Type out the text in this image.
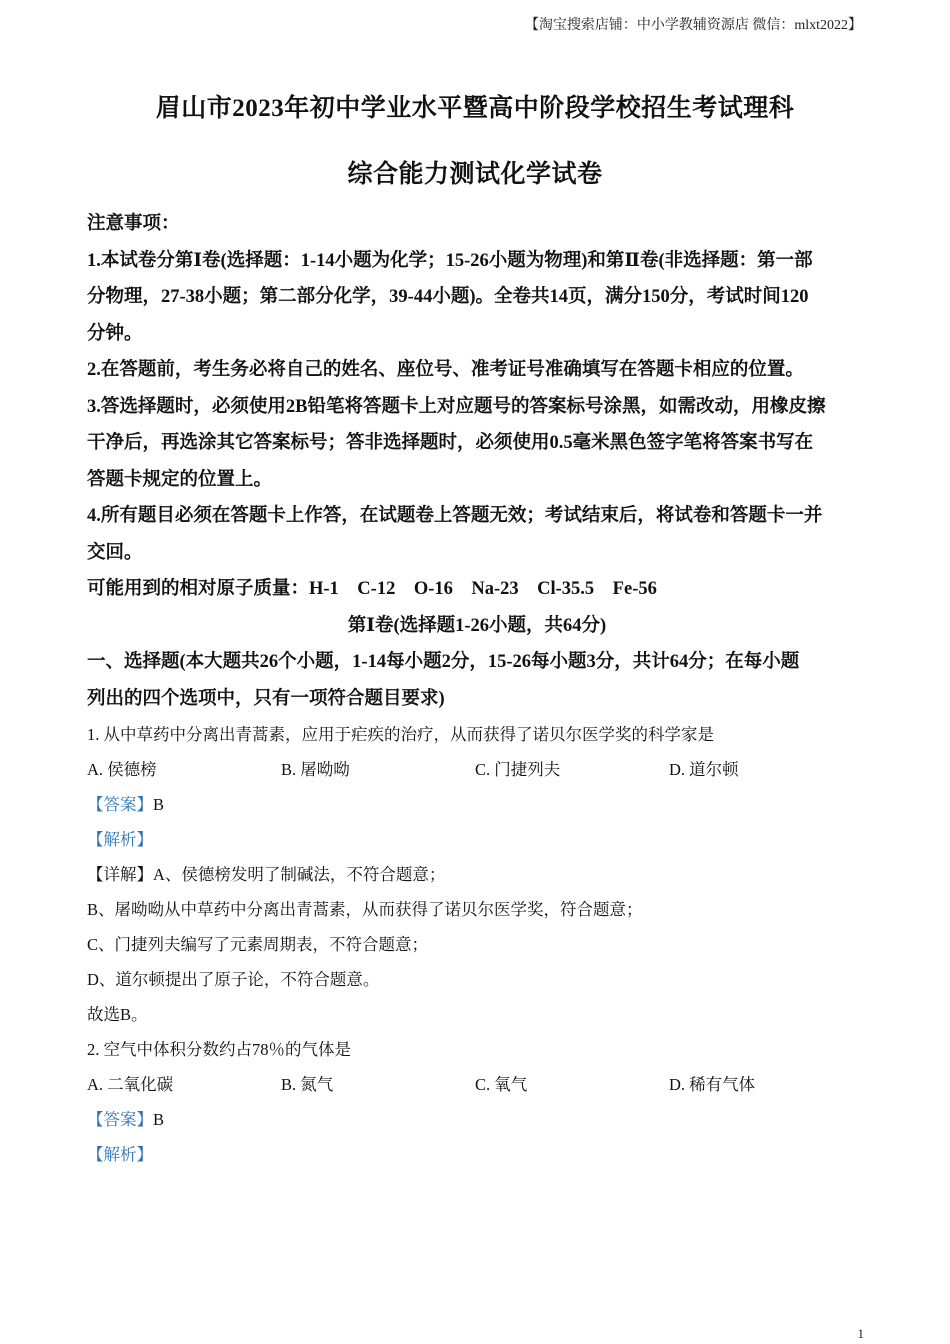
【淘宝搜索店铺：中小学教辅资源店 微信：mlxt2022】
眉山市2023年初中学业水平暨高中阶段学校招生考试理科
综合能力测试化学试卷
注意事项：
1.本试卷分第Ⅰ卷(选择题：1-14小题为化学；15-26小题为物理)和第Ⅱ卷(非选择题：第一部
分物理，27-38小题；第二部分化学，39-44小题)。全卷共14页，满分150分，考试时间120
分钟。
2.在答题前，考生务必将自己的姓名、座位号、准考证号准确填写在答题卡相应的位置。
3.答选择题时，必须使用2B铅笔将答题卡上对应题号的答案标号涂黑，如需改动，用橡皮擦
干净后，再选涂其它答案标号；答非选择题时，必须使用0.5毫米黑色签字笔将答案书写在
答题卡规定的位置上。
4.所有题目必须在答题卡上作答，在试题卷上答题无效；考试结束后，将试卷和答题卡一并
交回。
可能用到的相对原子质量：H-1    C-12    O-16    Na-23    Cl-35.5    Fe-56
第Ⅰ卷(选择题1-26小题，共64分)
一、选择题(本大题共26个小题，1-14每小题2分，15-26每小题3分，共计64分；在每小题
列出的四个选项中，只有一项符合题目要求)
1. 从中草药中分离出青蒿素，应用于疟疾的治疗，从而获得了诺贝尔医学奖的科学家是
A. 侯德榜	B. 屠呦呦	C. 门捷列夫	D. 道尔顿
【答案】B
【解析】
【详解】A、侯德榜发明了制碱法，不符合题意；
B、屠呦呦从中草药中分离出青蒿素，从而获得了诺贝尔医学奖，符合题意；
C、门捷列夫编写了元素周期表，不符合题意；
D、道尔顿提出了原子论，不符合题意。
故选B。
2. 空气中体积分数约占78％的气体是
A. 二氧化碳	B. 氮气	C. 氧气	D. 稀有气体
【答案】B
【解析】
1
